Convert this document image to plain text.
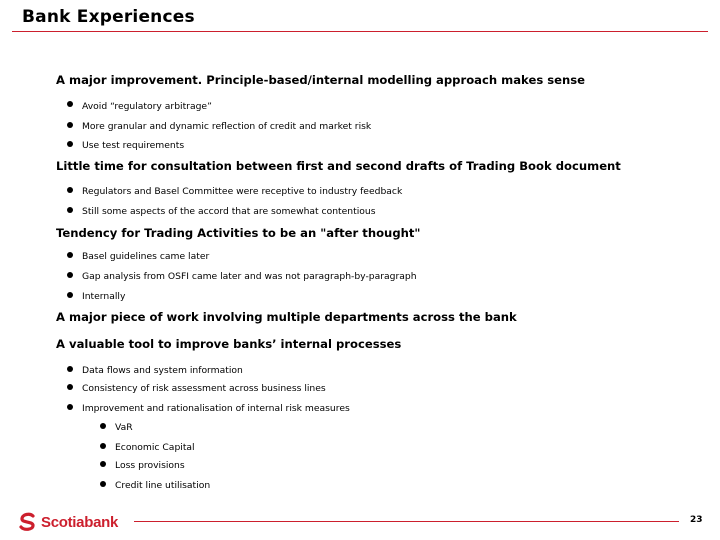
Bank Experiences
A major improvement. Principle-based/internal modelling approach makes sense
Avoid “regulatory arbitrage”
More granular and dynamic reflection of credit and market risk
Use test requirements
Little time for consultation between first and second drafts of Trading Book document
Regulators and Basel Committee were receptive to industry feedback
Still some aspects of the accord that are somewhat contentious
Tendency for Trading Activities to be an "after thought"
Basel guidelines came later
Gap analysis from OSFI came later and was not paragraph-by-paragraph
Internally
A major piece of work involving multiple departments across the bank
A valuable tool to improve banks’ internal processes
Data flows and system information
Consistency of risk assessment across business lines
Improvement and rationalisation of internal risk measures
VaR
Economic Capital
Loss provisions
Credit line utilisation
Scotiabank	23
